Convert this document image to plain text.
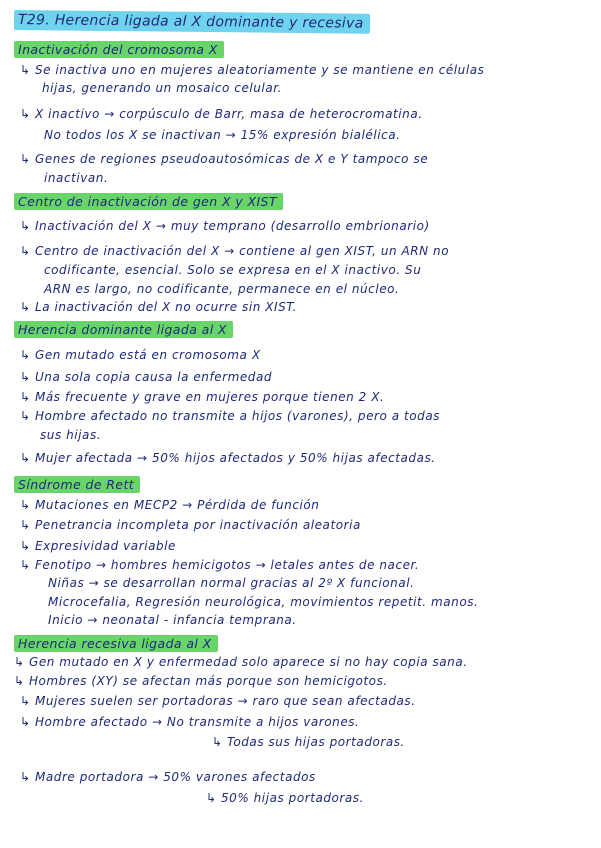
T29. Herencia ligada al X dominante y recesiva
Inactivación del cromosoma X
↳ Se inactiva uno en mujeres aleatoriamente y se mantiene en células
hijas, generando un mosaico celular.
↳ X inactivo → corpúsculo de Barr, masa de heterocromatina.
No todos los X se inactivan → 15% expresión bialélica.
↳ Genes de regiones pseudoautosómicas de X e Y tampoco se
inactivan.
Centro de inactivación de gen X y XIST
↳ Inactivación del X → muy temprano (desarrollo embrionario)
↳ Centro de inactivación del X → contiene al gen XIST, un ARN no
codificante, esencial. Solo se expresa en el X inactivo. Su
ARN es largo, no codificante, permanece en el núcleo.
↳ La inactivación del X no ocurre sin XIST.
Herencia dominante ligada al X
↳ Gen mutado está en cromosoma X
↳ Una sola copia causa la enfermedad
↳ Más frecuente y grave en mujeres porque tienen 2 X.
↳ Hombre afectado no transmite a hijos (varones), pero a todas
sus hijas.
↳ Mujer afectada → 50% hijos afectados y 50% hijas afectadas.
Síndrome de Rett
↳ Mutaciones en MECP2 → Pérdida de función
↳ Penetrancia incompleta por inactivación aleatoria
↳ Expresividad variable
↳ Fenotipo → hombres hemicigotos → letales antes de nacer.
Niñas → se desarrollan normal gracias al 2º X funcional.
Microcefalia, Regresión neurológica, movimientos repetit. manos.
Inicio → neonatal - infancia temprana.
Herencia recesiva ligada al X
↳ Gen mutado en X y enfermedad solo aparece si no hay copia sana.
↳ Hombres (XY) se afectan más porque son hemicigotos.
↳ Mujeres suelen ser portadoras → raro que sean afectadas.
↳ Hombre afectado → No transmite a hijos varones.
↳ Todas sus hijas portadoras.
↳ Madre portadora → 50% varones afectados
↳ 50% hijas portadoras.
